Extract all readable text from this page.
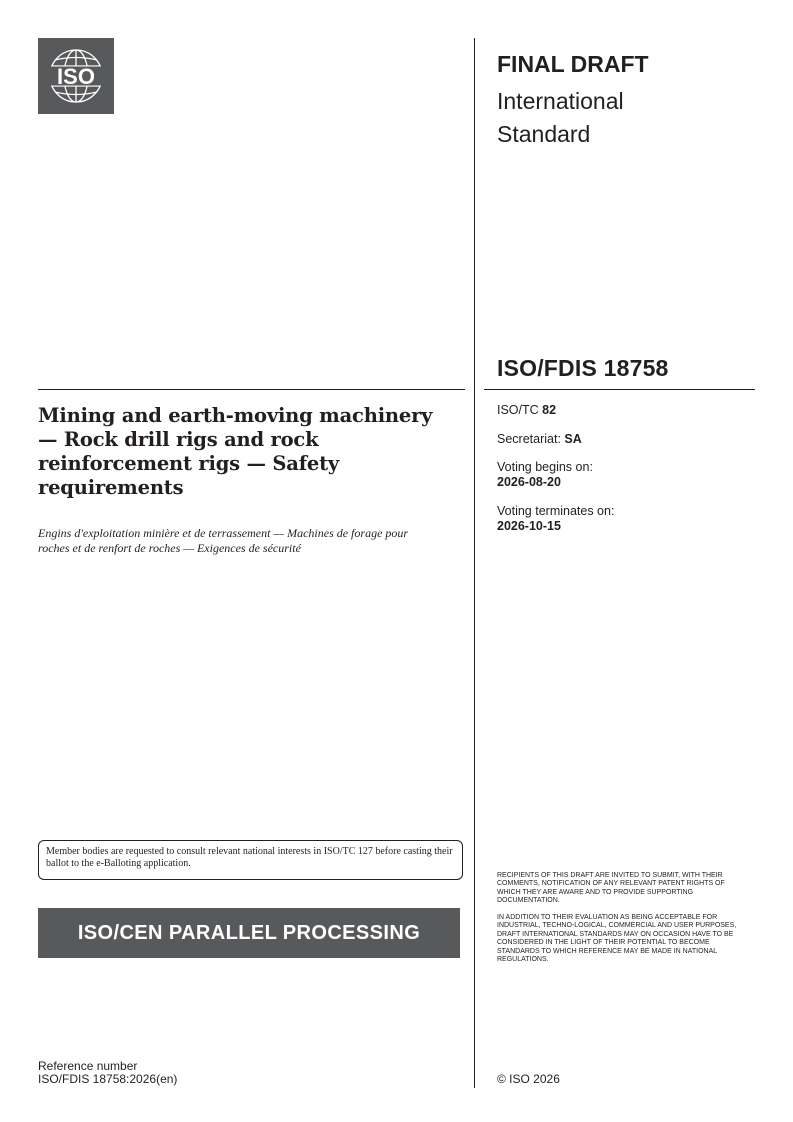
ISO	FINAL DRAFT
International
Standard
ISO/FDIS 18758
Mining and earth-moving machinery — Rock drill rigs and rock reinforcement rigs — Safety requirements
Engins d'exploitation minière et de terrassement — Machines de forage pour roches et de renfort de roches — Exigences de sécurité
ISO/TC 82
Secretariat: SA
Voting begins on:
2026-08-20
Voting terminates on:
2026-10-15
Member bodies are requested to consult relevant national interests in ISO/TC 127 before casting their ballot to the e-Balloting application.
ISO/CEN PARALLEL PROCESSING
RECIPIENTS OF THIS DRAFT ARE INVITED TO SUBMIT, WITH THEIR COMMENTS, NOTIFICATION OF ANY RELEVANT PATENT RIGHTS OF WHICH THEY ARE AWARE AND TO PROVIDE SUPPORTING DOCUMENTATION.
IN ADDITION TO THEIR EVALUATION AS BEING ACCEPTABLE FOR INDUSTRIAL, TECHNO-LOGICAL, COMMERCIAL AND USER PURPOSES, DRAFT INTERNATIONAL STANDARDS MAY ON OCCASION HAVE TO BE CONSIDERED IN THE LIGHT OF THEIR POTENTIAL TO BECOME STANDARDS TO WHICH REFERENCE MAY BE MADE IN NATIONAL REGULATIONS.
Reference number
ISO/FDIS 18758:2026(en)	© ISO 2026
